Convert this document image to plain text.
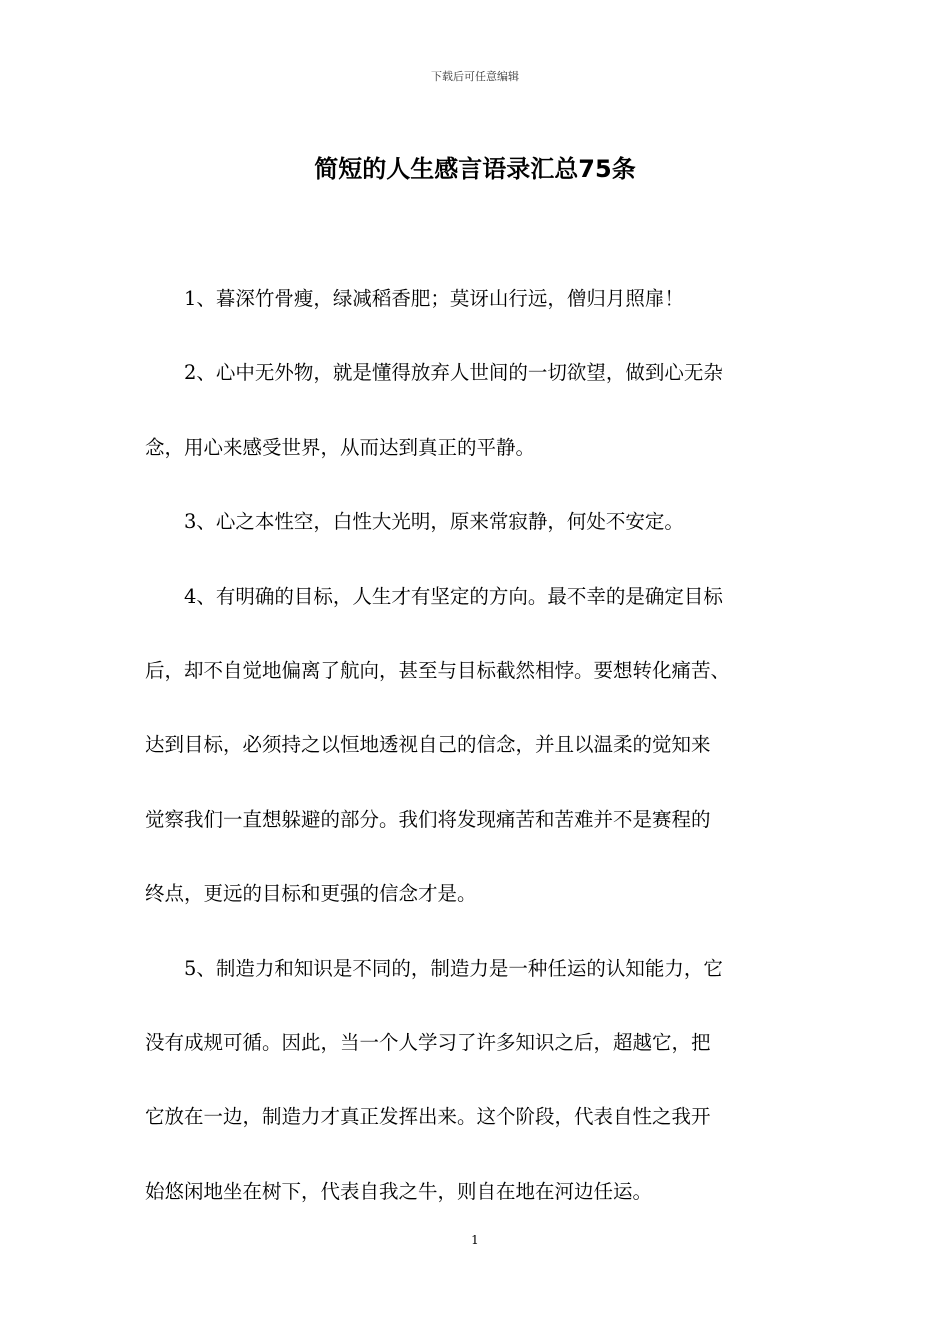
下载后可任意编辑
简短的人生感言语录汇总75条

1、暮深竹骨瘦，绿减稻香肥；莫讶山行远，僧归月照扉！

2、心中无外物，就是懂得放弃人世间的一切欲望，做到心无杂
念，用心来感受世界，从而达到真正的平静。

3、心之本性空，白性大光明，原来常寂静，何处不安定。

4、有明确的目标，人生才有坚定的方向。最不幸的是确定目标
后，却不自觉地偏离了航向，甚至与目标截然相悖。要想转化痛苦、
达到目标，必须持之以恒地透视自己的信念，并且以温柔的觉知来
觉察我们一直想躲避的部分。我们将发现痛苦和苦难并不是赛程的
终点，更远的目标和更强的信念才是。

5、制造力和知识是不同的，制造力是一种任运的认知能力，它
没有成规可循。因此，当一个人学习了许多知识之后，超越它，把
它放在一边，制造力才真正发挥出来。这个阶段，代表自性之我开
始悠闲地坐在树下，代表自我之牛，则自在地在河边任运。

1
